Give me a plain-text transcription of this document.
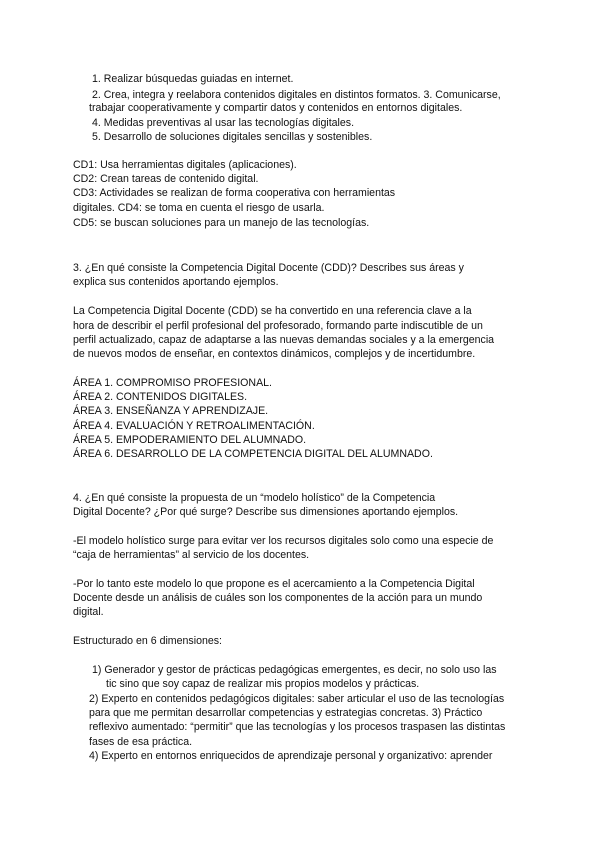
1. Realizar búsquedas guiadas en internet.

2. Crea, integra y reelabora contenidos digitales en distintos formatos. 3. Comunicarse,

trabajar cooperativamente y compartir datos y contenidos en entornos digitales.

4. Medidas preventivas al usar las tecnologías digitales.

5. Desarrollo de soluciones digitales sencillas y sostenibles.

CD1: Usa herramientas digitales (aplicaciones).

CD2: Crean tareas de contenido digital.

CD3: Actividades se realizan de forma cooperativa con herramientas

digitales. CD4: se toma en cuenta el riesgo de usarla.

CD5: se buscan soluciones para un manejo de las tecnologías.

3. ¿En qué consiste la Competencia Digital Docente (CDD)? Describes sus áreas y

explica sus contenidos aportando ejemplos.

La Competencia Digital Docente (CDD) se ha convertido en una referencia clave a la

hora de describir el perfil profesional del profesorado, formando parte indiscutible de un

perfil actualizado, capaz de adaptarse a las nuevas demandas sociales y a la emergencia

de nuevos modos de enseñar, en contextos dinámicos, complejos y de incertidumbre.

ÁREA 1. COMPROMISO PROFESIONAL.

ÁREA 2. CONTENIDOS DIGITALES.

ÁREA 3. ENSEÑANZA Y APRENDIZAJE.

ÁREA 4. EVALUACIÓN Y RETROALIMENTACIÓN.

ÁREA 5. EMPODERAMIENTO DEL ALUMNADO.

ÁREA 6. DESARROLLO DE LA COMPETENCIA DIGITAL DEL ALUMNADO.

4. ¿En qué consiste la propuesta de un “modelo holístico” de la Competencia

Digital Docente? ¿Por qué surge? Describe sus dimensiones aportando ejemplos.

-El modelo holístico surge para evitar ver los recursos digitales solo como una especie de

“caja de herramientas” al servicio de los docentes.

-Por lo tanto este modelo lo que propone es el acercamiento a la Competencia Digital

Docente desde un análisis de cuáles son los componentes de la acción para un mundo

digital.

Estructurado en 6 dimensiones:

1) Generador y gestor de prácticas pedagógicas emergentes, es decir, no solo uso las

tic sino que soy capaz de realizar mis propios modelos y prácticas.

2) Experto en contenidos pedagógicos digitales: saber articular el uso de las tecnologías

para que me permitan desarrollar competencias y estrategias concretas. 3) Práctico

reflexivo aumentado: “permitir” que las tecnologías y los procesos traspasen las distintas

fases de esa práctica.

4) Experto en entornos enriquecidos de aprendizaje personal y organizativo: aprender
